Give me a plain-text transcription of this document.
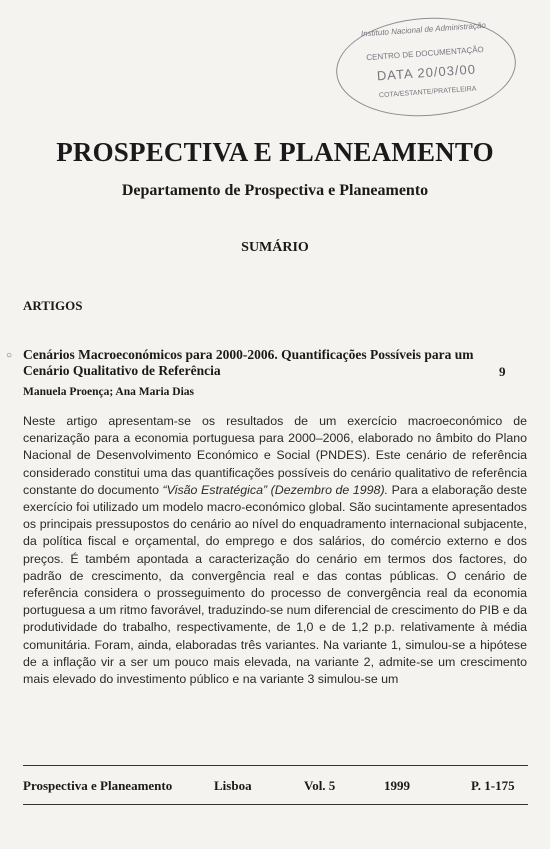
Instituto Nacional de Administração
CENTRO DE DOCUMENTAÇÃO
DATA 20/03/00
COTA/ESTANTE/PRATELEIRA
PROSPECTIVA E PLANEAMENTO
Departamento de Prospectiva e Planeamento
SUMÁRIO
ARTIGOS
○ Cenários Macroeconómicos para 2000-2006. Quantificações Possíveis para um Cenário Qualitativo de Referência	9
Manuela Proença; Ana Maria Dias
Neste artigo apresentam-se os resultados de um exercício macroeconómico de cenarização para a economia portuguesa para 2000–2006, elaborado no âmbito do Plano Nacional de Desenvolvimento Económico e Social (PNDES). Este cenário de referência considerado constitui uma das quantificações possíveis do cenário qualitativo de referência constante do documento “Visão Estratégica” (Dezembro de 1998). Para a elaboração deste exercício foi utilizado um modelo macro-económico global. São sucintamente apresentados os principais pressupostos do cenário ao nível do enquadramento internacional subjacente, da política fiscal e orçamental, do emprego e dos salários, do comércio externo e dos preços. É também apontada a caracterização do cenário em termos dos factores, do padrão de crescimento, da convergência real e das contas públicas. O cenário de referência considera o prosseguimento do processo de convergência real da economia portuguesa a um ritmo favorável, traduzindo-se num diferencial de crescimento do PIB e da produtividade do trabalho, respectivamente, de 1,0 e de 1,2 p.p. relativamente à média comunitária. Foram, ainda, elaboradas três variantes. Na variante 1, simulou-se a hipótese de a inflação vir a ser um pouco mais elevada, na variante 2, admite-se um crescimento mais elevado do investimento público e na variante 3 simulou-se um
Prospectiva e Planeamento	Lisboa	Vol. 5	1999	P. 1-175
